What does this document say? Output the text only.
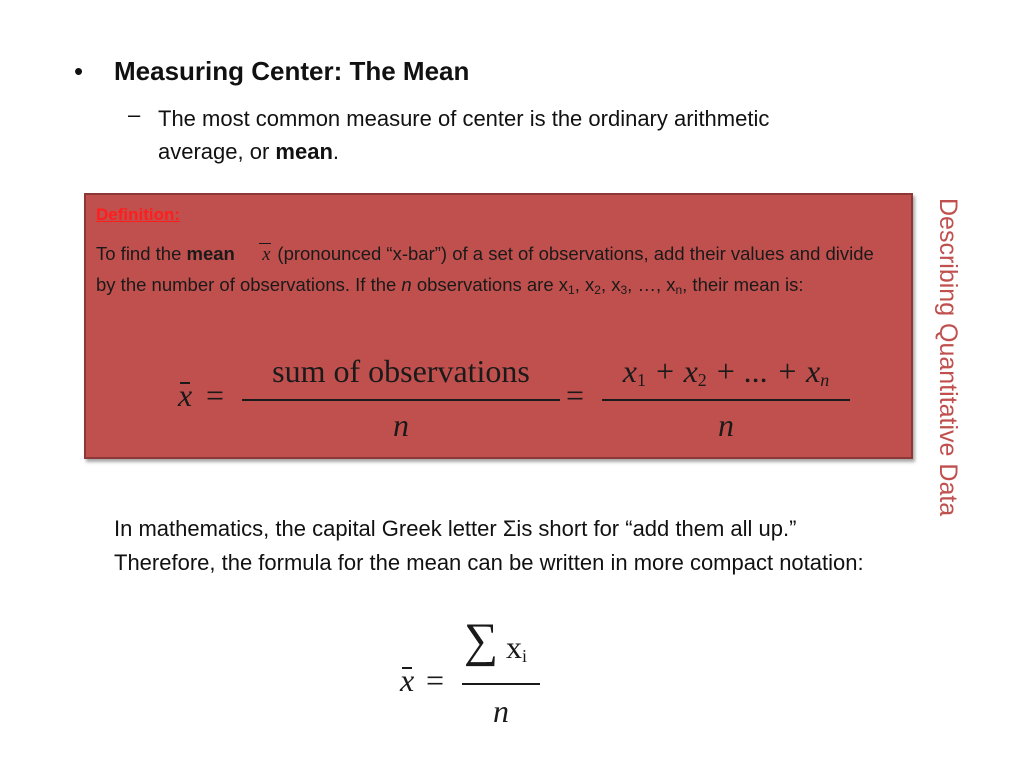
• Measuring Center: The Mean
– The most common measure of center is the ordinary arithmetic average, or mean.
Definition:
To find the mean x (pronounced “x-bar”) of a set of observations, add their values and divide by the number of observations. If the n observations are $x_1$, $x_2$, $x_3$, …, $x_n$, their mean is:
x =
sum of observations
n
=
$x_1 + x_2$ + ... + $x_n$
n	Describing Quantitative Data
In mathematics, the capital Greek letter Σis short for “add them all up.” Therefore, the formula for the mean can be written in more compact notation:
x =
∑ $x_i$
n
